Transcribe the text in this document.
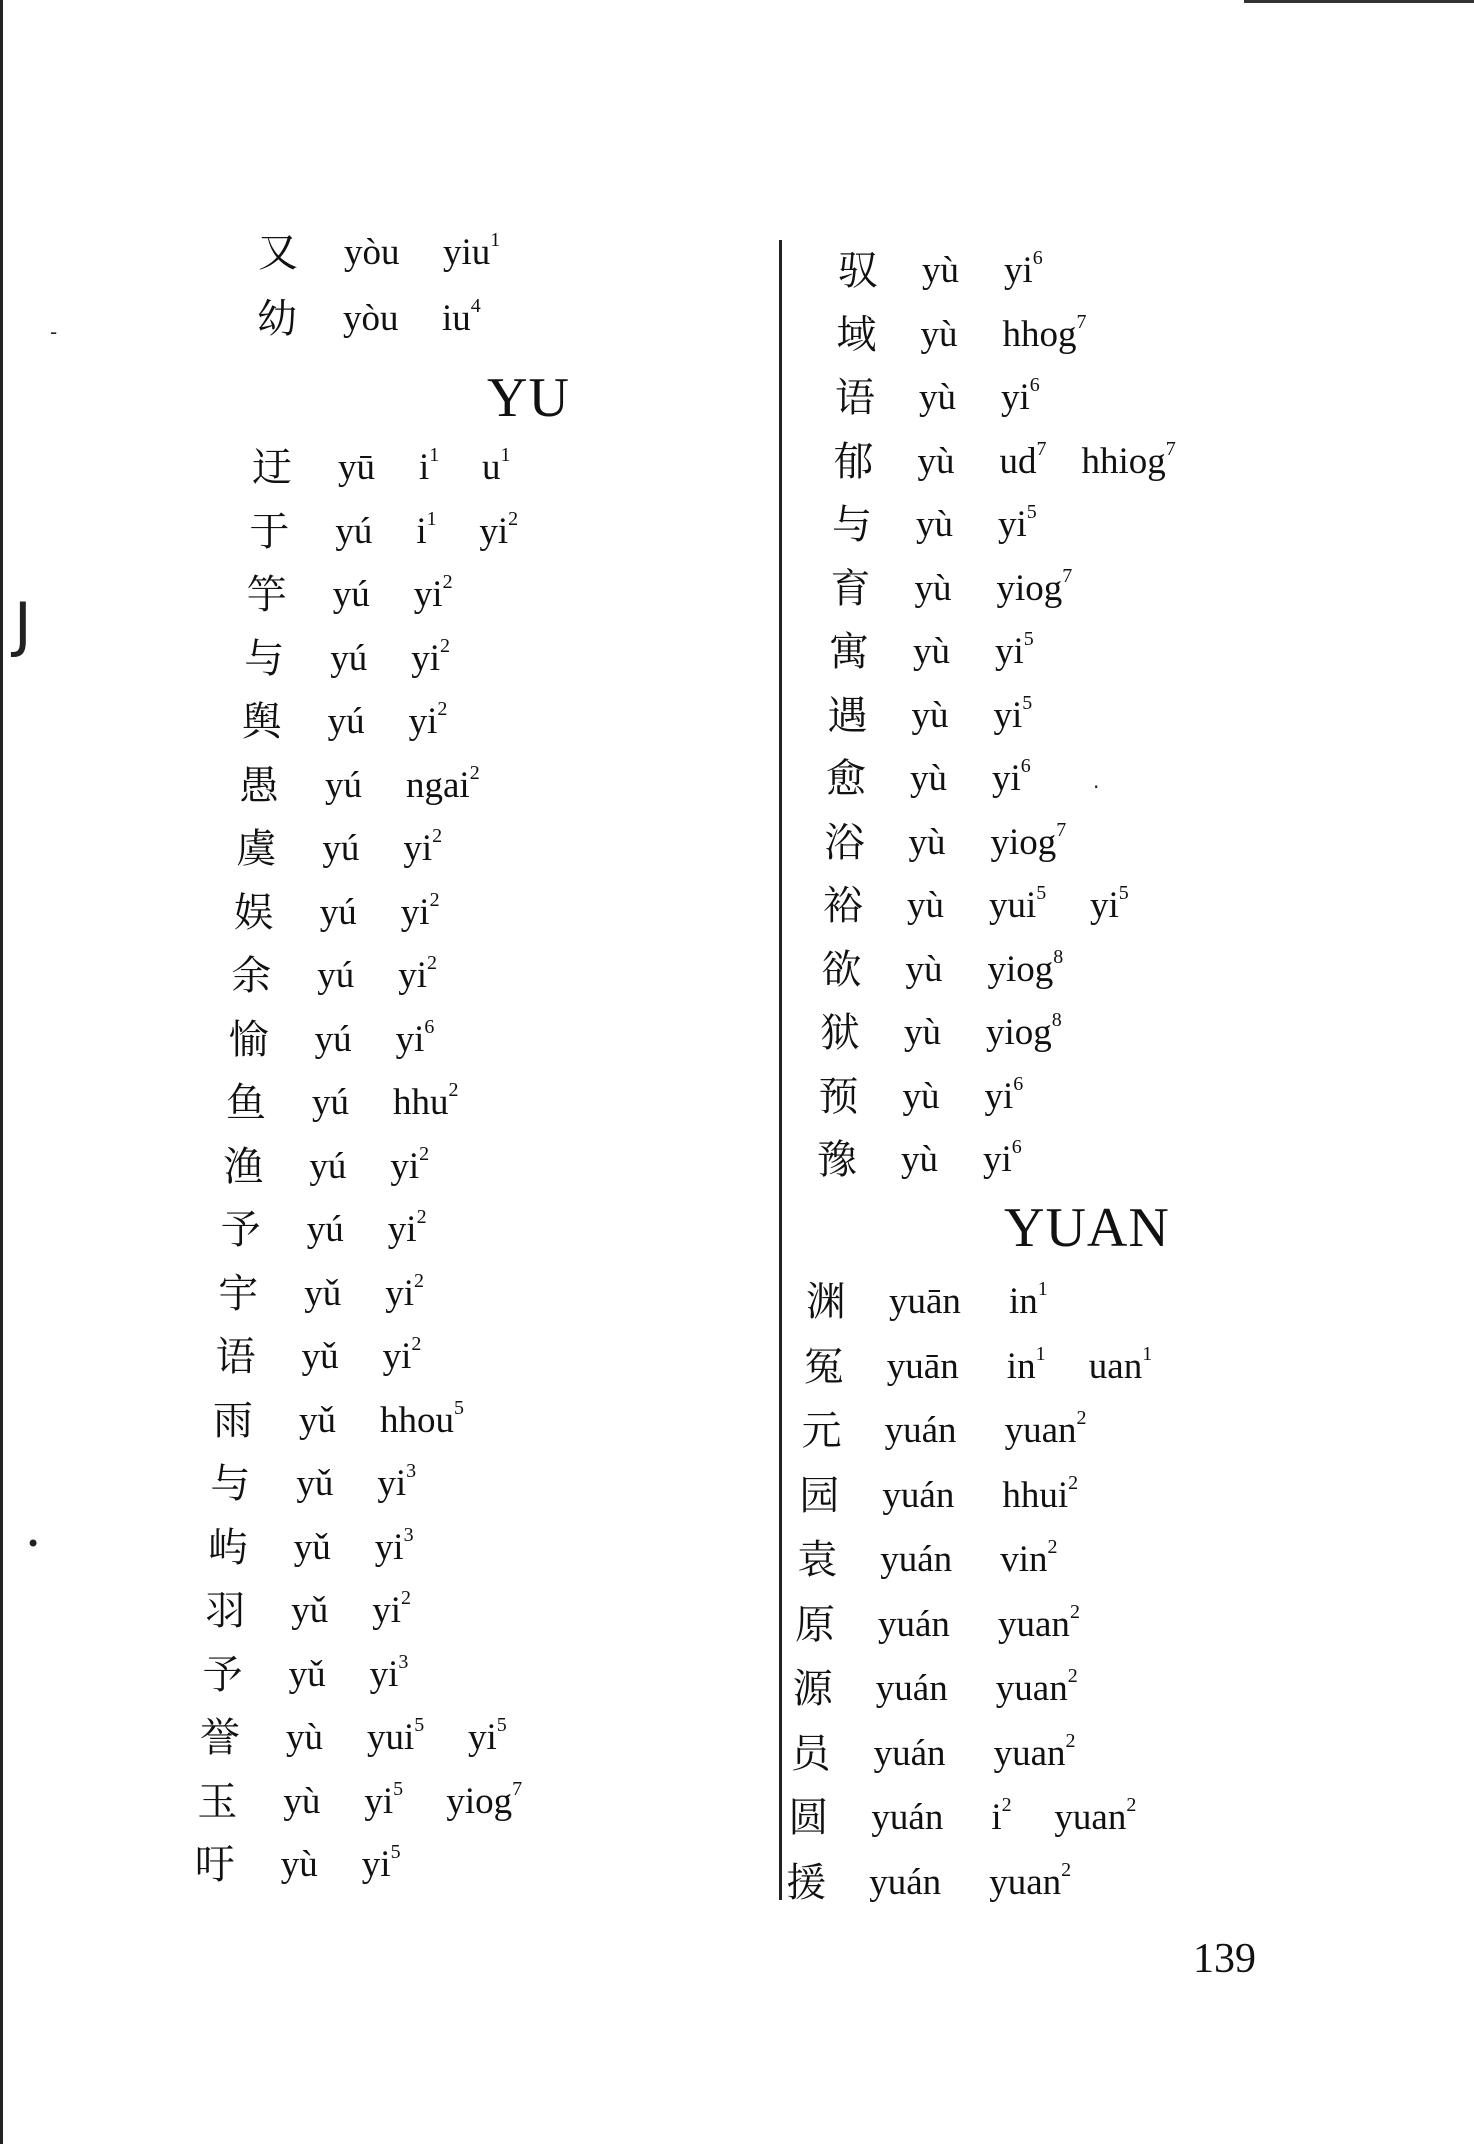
-
J
•
·
又 yòu yiu$^1$
幼 yòu $iu^4$
YU
迂 yū $i^1$ $u^1$
于 yú $i^1$ $yi^2$
竽 yú $yi^2$
与 yú $yi^2$
舆 yú $yi^2$
愚 yú ngai$^2$
虞 yú $yi^2$
娱 yú $yi^2$
余 yú $yi^2$
愉 yú $yi^6$
鱼 yú hhu$^2$
渔 yú $yi^2$
予 yú $yi^2$
宇 yǔ $yi^2$
语 yǔ $yi^2$
雨 yǔ hhou$^5$
与 yǔ $yi^3$
屿 yǔ $yi^3$
羽 yǔ $yi^2$
予 yǔ $yi^3$
誉 yù yui$^5$ $yi^5$
玉 yù $yi^5$ yiog$^7$
吁 yù $yi^5$
驭 yù $yi^6$
域 yù hhog$^7$
语 yù $yi^6$
郁 yù $ud^7$ hhiog$^7$
与 yù $yi^5$
育 yù yiog$^7$
寓 yù $yi^5$
遇 yù $yi^5$
愈 yù $yi^6$
浴 yù yiog$^7$
裕 yù yui$^5$ $yi^5$
欲 yù yiog$^8$
狱 yù yiog$^8$
预 yù $yi^6$
豫 yù $yi^6$
YUAN
渊 yuān $in^1$
冤 yuān $in^1$ uan$^1$
元 yuán yuan$^2$
园 yuán hhui$^2$
袁 yuán vin$^2$
原 yuán yuan$^2$
源 yuán yuan$^2$
员 yuán yuan$^2$
圆 yuán $i^2$ yuan$^2$
援 yuán yuan$^2$
139
